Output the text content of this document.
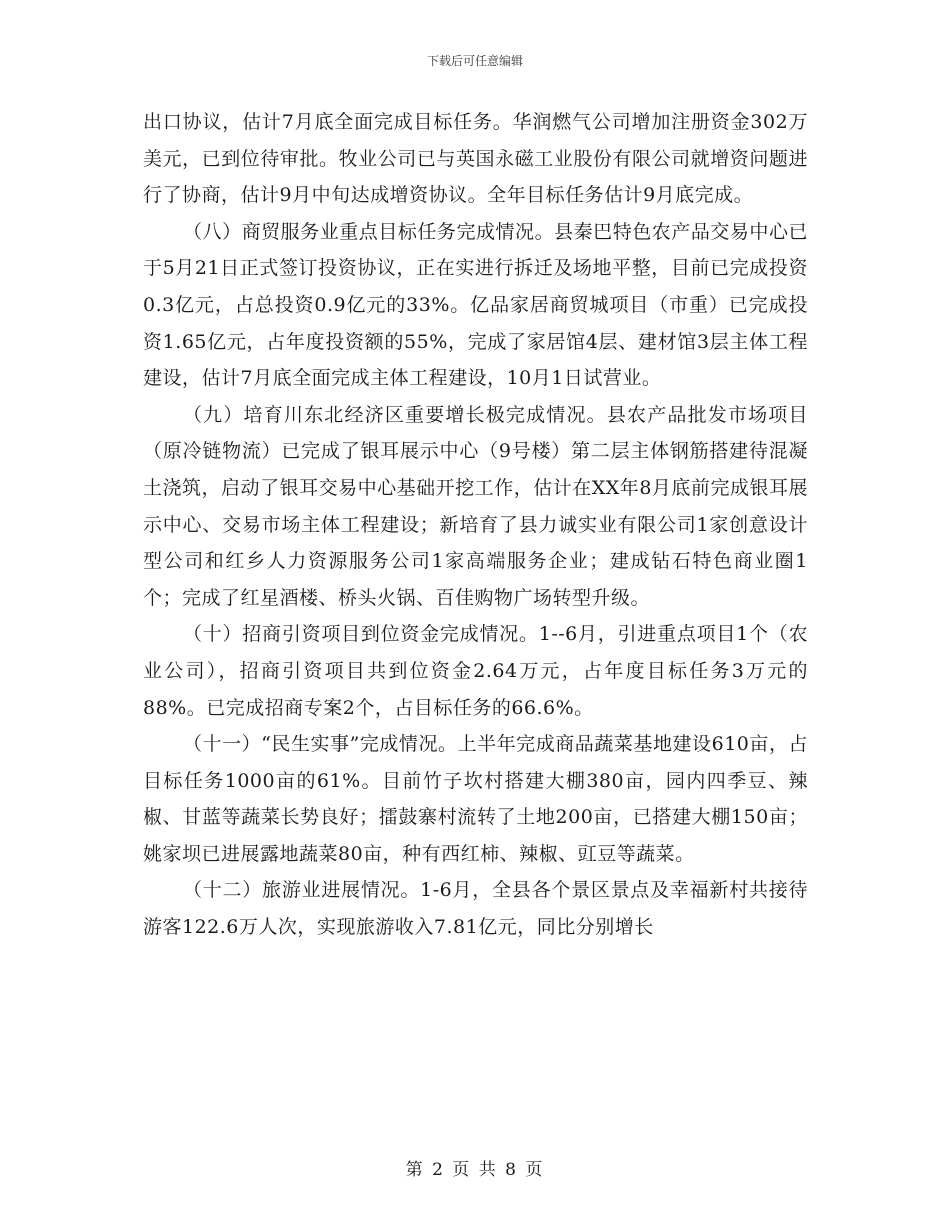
下载后可任意编辑

出口协议，估计7月底全面完成目标任务。华润燃气公司增加注册资金302万美元，已到位待审批。牧业公司已与英国永磁工业股份有限公司就增资问题进行了协商，估计9月中旬达成增资协议。全年目标任务估计9月底完成。

（八）商贸服务业重点目标任务完成情况。县秦巴特色农产品交易中心已于5月21日正式签订投资协议，正在实进行拆迁及场地平整，目前已完成投资0.3亿元，占总投资0.9亿元的33%。亿品家居商贸城项目（市重）已完成投资1.65亿元，占年度投资额的55%，完成了家居馆4层、建材馆3层主体工程建设，估计7月底全面完成主体工程建设，10月1日试营业。

（九）培育川东北经济区重要增长极完成情况。县农产品批发市场项目（原冷链物流）已完成了银耳展示中心（9号楼）第二层主体钢筋搭建待混凝土浇筑，启动了银耳交易中心基础开挖工作，估计在XX年8月底前完成银耳展示中心、交易市场主体工程建设；新培育了县力诚实业有限公司1家创意设计型公司和红乡人力资源服务公司1家高端服务企业；建成钻石特色商业圈1个；完成了红星酒楼、桥头火锅、百佳购物广场转型升级。

（十）招商引资项目到位资金完成情况。1--6月，引进重点项目1个（农业公司），招商引资项目共到位资金2.64万元，占年度目标任务3万元的88%。已完成招商专案2个，占目标任务的66.6%。

（十一）“民生实事”完成情况。上半年完成商品蔬菜基地建设610亩，占目标任务1000亩的61%。目前竹子坎村搭建大棚380亩，园内四季豆、辣椒、甘蓝等蔬菜长势良好；擂鼓寨村流转了土地200亩，已搭建大棚150亩；姚家坝已进展露地蔬菜80亩，种有西红柿、辣椒、豇豆等蔬菜。

（十二）旅游业进展情况。1-6月，全县各个景区景点及幸福新村共接待游客122.6万人次，实现旅游收入7.81亿元，同比分别增长

第 2 页 共 8 页
